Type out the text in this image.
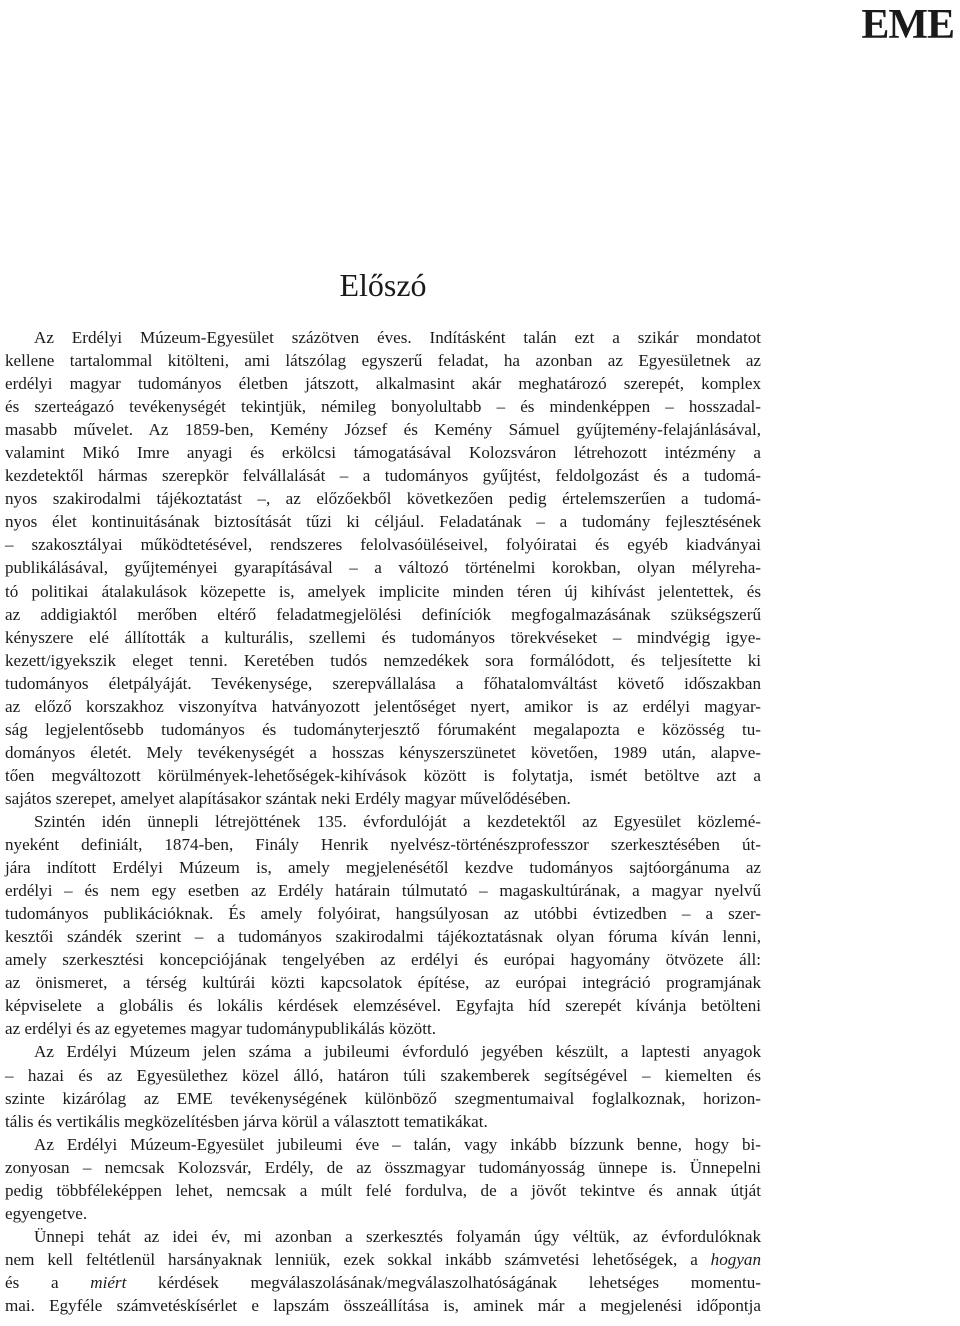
EME
Előszó
Az Erdélyi Múzeum-Egyesület százötven éves. Indításként talán ezt a szikár mondatot
kellene tartalommal kitölteni, ami látszólag egyszerű feladat, ha azonban az Egyesületnek az
erdélyi magyar tudományos életben játszott, alkalmasint akár meghatározó szerepét, komplex
és szerteágazó tevékenységét tekintjük, némileg bonyolultabb – és mindenképpen – hosszadal-
masabb művelet. Az 1859-ben, Kemény József és Kemény Sámuel gyűjtemény-felajánlásával,
valamint Mikó Imre anyagi és erkölcsi támogatásával Kolozsváron létrehozott intézmény a
kezdetektől hármas szerepkör felvállalását – a tudományos gyűjtést, feldolgozást és a tudomá-
nyos szakirodalmi tájékoztatást –, az előzőekből következően pedig értelemszerűen a tudomá-
nyos élet kontinuitásának biztosítását tűzi ki céljául. Feladatának – a tudomány fejlesztésének
– szakosztályai működtetésével, rendszeres felolvasóüléseivel, folyóiratai és egyéb kiadványai
publikálásával, gyűjteményei gyarapításával – a változó történelmi korokban, olyan mélyreha-
tó politikai átalakulások közepette is, amelyek implicite minden téren új kihívást jelentettek, és
az addigiaktól merőben eltérő feladatmegjelölési definíciók megfogalmazásának szükségszerű
kényszere elé állították a kulturális, szellemi és tudományos törekvéseket – mindvégig igye-
kezett/igyekszik eleget tenni. Keretében tudós nemzedékek sora formálódott, és teljesítette ki
tudományos életpályáját. Tevékenysége, szerepvállalása a főhatalomváltást követő időszakban
az előző korszakhoz viszonyítva hatványozott jelentőséget nyert, amikor is az erdélyi magyar-
ság legjelentősebb tudományos és tudományterjesztő fórumaként megalapozta e közösség tu-
dományos életét. Mely tevékenységét a hosszas kényszerszünetet követően, 1989 után, alapve-
tően megváltozott körülmények-lehetőségek-kihívások között is folytatja, ismét betöltve azt a
sajátos szerepet, amelyet alapításakor szántak neki Erdély magyar művelődésében.
Szintén idén ünnepli létrejöttének 135. évfordulóját a kezdetektől az Egyesület közlemé-
nyeként definiált, 1874-ben, Finály Henrik nyelvész-történészprofesszor szerkesztésében út-
jára indított Erdélyi Múzeum is, amely megjelenésétől kezdve tudományos sajtóorgánuma az
erdélyi – és nem egy esetben az Erdély határain túlmutató – magaskultúrának, a magyar nyelvű
tudományos publikációknak. És amely folyóirat, hangsúlyosan az utóbbi évtizedben – a szer-
kesztői szándék szerint – a tudományos szakirodalmi tájékoztatásnak olyan fóruma kíván lenni,
amely szerkesztési koncepciójának tengelyében az erdélyi és európai hagyomány ötvözete áll:
az önismeret, a térség kultúrái közti kapcsolatok építése, az európai integráció programjának
képviselete a globális és lokális kérdések elemzésével. Egyfajta híd szerepét kívánja betölteni
az erdélyi és az egyetemes magyar tudománypublikálás között.
Az Erdélyi Múzeum jelen száma a jubileumi évforduló jegyében készült, a laptesti anyagok
– hazai és az Egyesülethez közel álló, határon túli szakemberek segítségével – kiemelten és
szinte kizárólag az EME tevékenységének különböző szegmentumaival foglalkoznak, horizon-
tális és vertikális megközelítésben járva körül a választott tematikákat.
Az Erdélyi Múzeum-Egyesület jubileumi éve – talán, vagy inkább bízzunk benne, hogy bi-
zonyosan – nemcsak Kolozsvár, Erdély, de az összmagyar tudományosság ünnepe is. Ünnepelni
pedig többféleképpen lehet, nemcsak a múlt felé fordulva, de a jövőt tekintve és annak útját
egyengetve.
Ünnepi tehát az idei év, mi azonban a szerkesztés folyamán úgy véltük, az évfordulóknak
nem kell feltétlenül harsányaknak lenniük, ezek sokkal inkább számvetési lehetőségek, a hogyan
és a miért kérdések megválaszolásának/megválaszolhatóságának lehetséges momentu-
mai. Egyféle számvetéskísérlet e lapszám összeállítása is, aminek már a megjelenési időpontja
